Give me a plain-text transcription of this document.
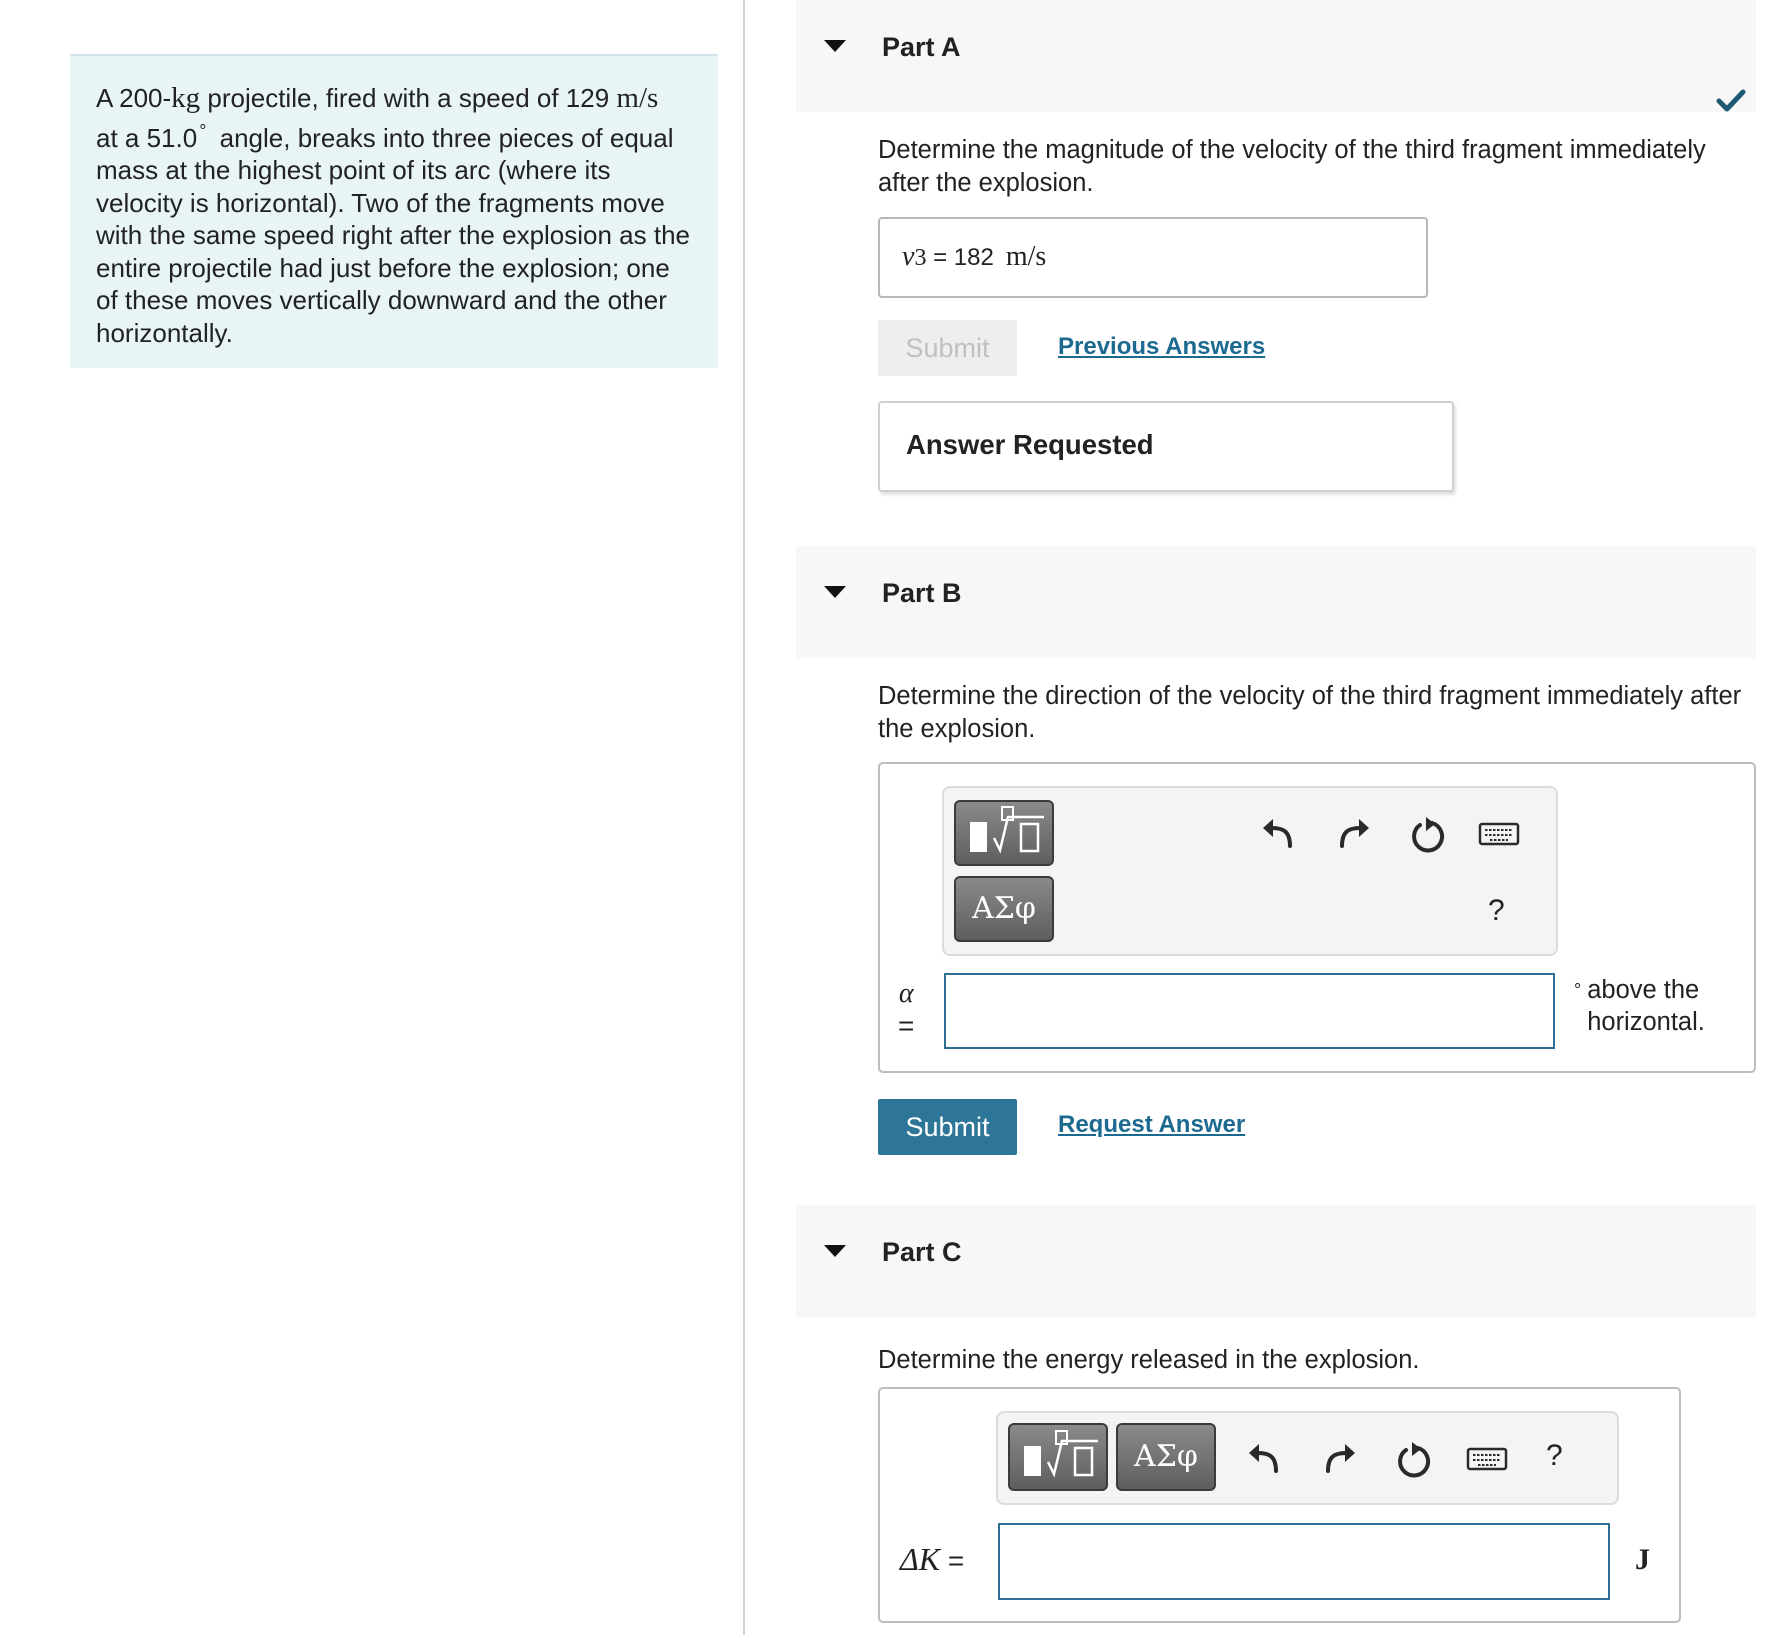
A 200-kg projectile, fired with a speed of 129 m/s
at a 51.0 ° angle, breaks into three pieces of equal mass at the highest point of its arc (where its velocity is horizontal). Two of the fragments move with the same speed right after the explosion as the entire projectile had just before the explosion; one of these moves vertically downward and the other horizontally.
Part A
Determine the magnitude of the velocity of the third fragment immediately after the explosion.
v3 = 182 m/s
Submit	Previous Answers
Answer Requested
Part B
Determine the direction of the velocity of the third fragment immediately after the explosion.
ΑΣφ	?
α
=
° above the horizontal.
Submit	Request Answer
Part C
Determine the energy released in the explosion.
ΑΣφ	?
ΔK =	J
